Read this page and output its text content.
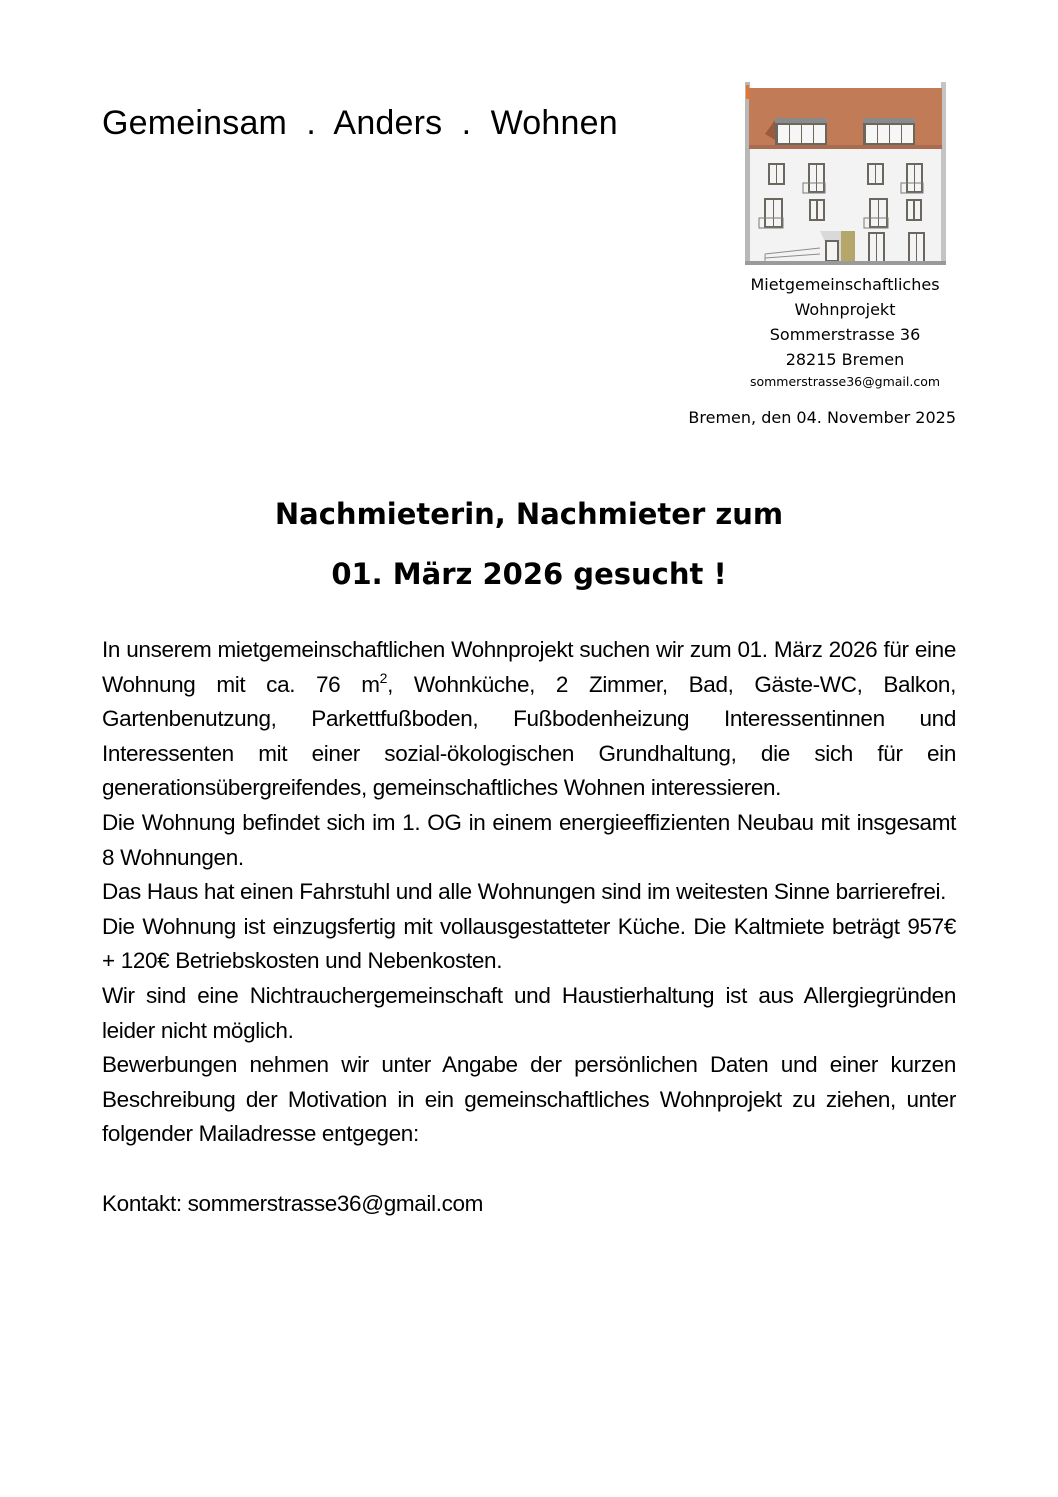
Gemeinsam  .  Anders  .  Wohnen
Mietgemeinschaftliches
Wohnprojekt
Sommerstrasse 36
28215 Bremen
sommerstrasse36@gmail.com
Bremen, den 04. November 2025
Nachmieterin, Nachmieter zum
01. März 2026 gesucht !

In unserem mietgemeinschaftlichen Wohnprojekt suchen wir zum 01. März 2026 für eine Wohnung mit ca. 76 $m^2$, Wohnküche, 2 Zimmer, Bad, Gäste-WC, Balkon, Gartenbenutzung, Parkettfußboden, Fußbodenheizung Interessentinnen und Interessenten mit einer sozial-ökologischen Grundhaltung, die sich für ein generationsübergreifendes, gemeinschaftliches Wohnen interessieren.

Die Wohnung befindet sich im 1. OG in einem energieeffizienten Neubau mit insgesamt 8 Wohnungen.

Das Haus hat einen Fahrstuhl und alle Wohnungen sind im weitesten Sinne barrierefrei.

Die Wohnung ist einzugsfertig mit vollausgestatteter Küche. Die Kaltmiete beträgt 957€ + 120€ Betriebskosten und Nebenkosten.

Wir sind eine Nichtrauchergemeinschaft und Haustierhaltung ist aus Allergiegründen leider nicht möglich.

Bewerbungen nehmen wir unter Angabe der persönlichen Daten und einer kurzen Beschreibung der Motivation in ein gemeinschaftliches Wohnprojekt zu ziehen, unter folgender Mailadresse entgegen:

Kontakt: sommerstrasse36@gmail.com
